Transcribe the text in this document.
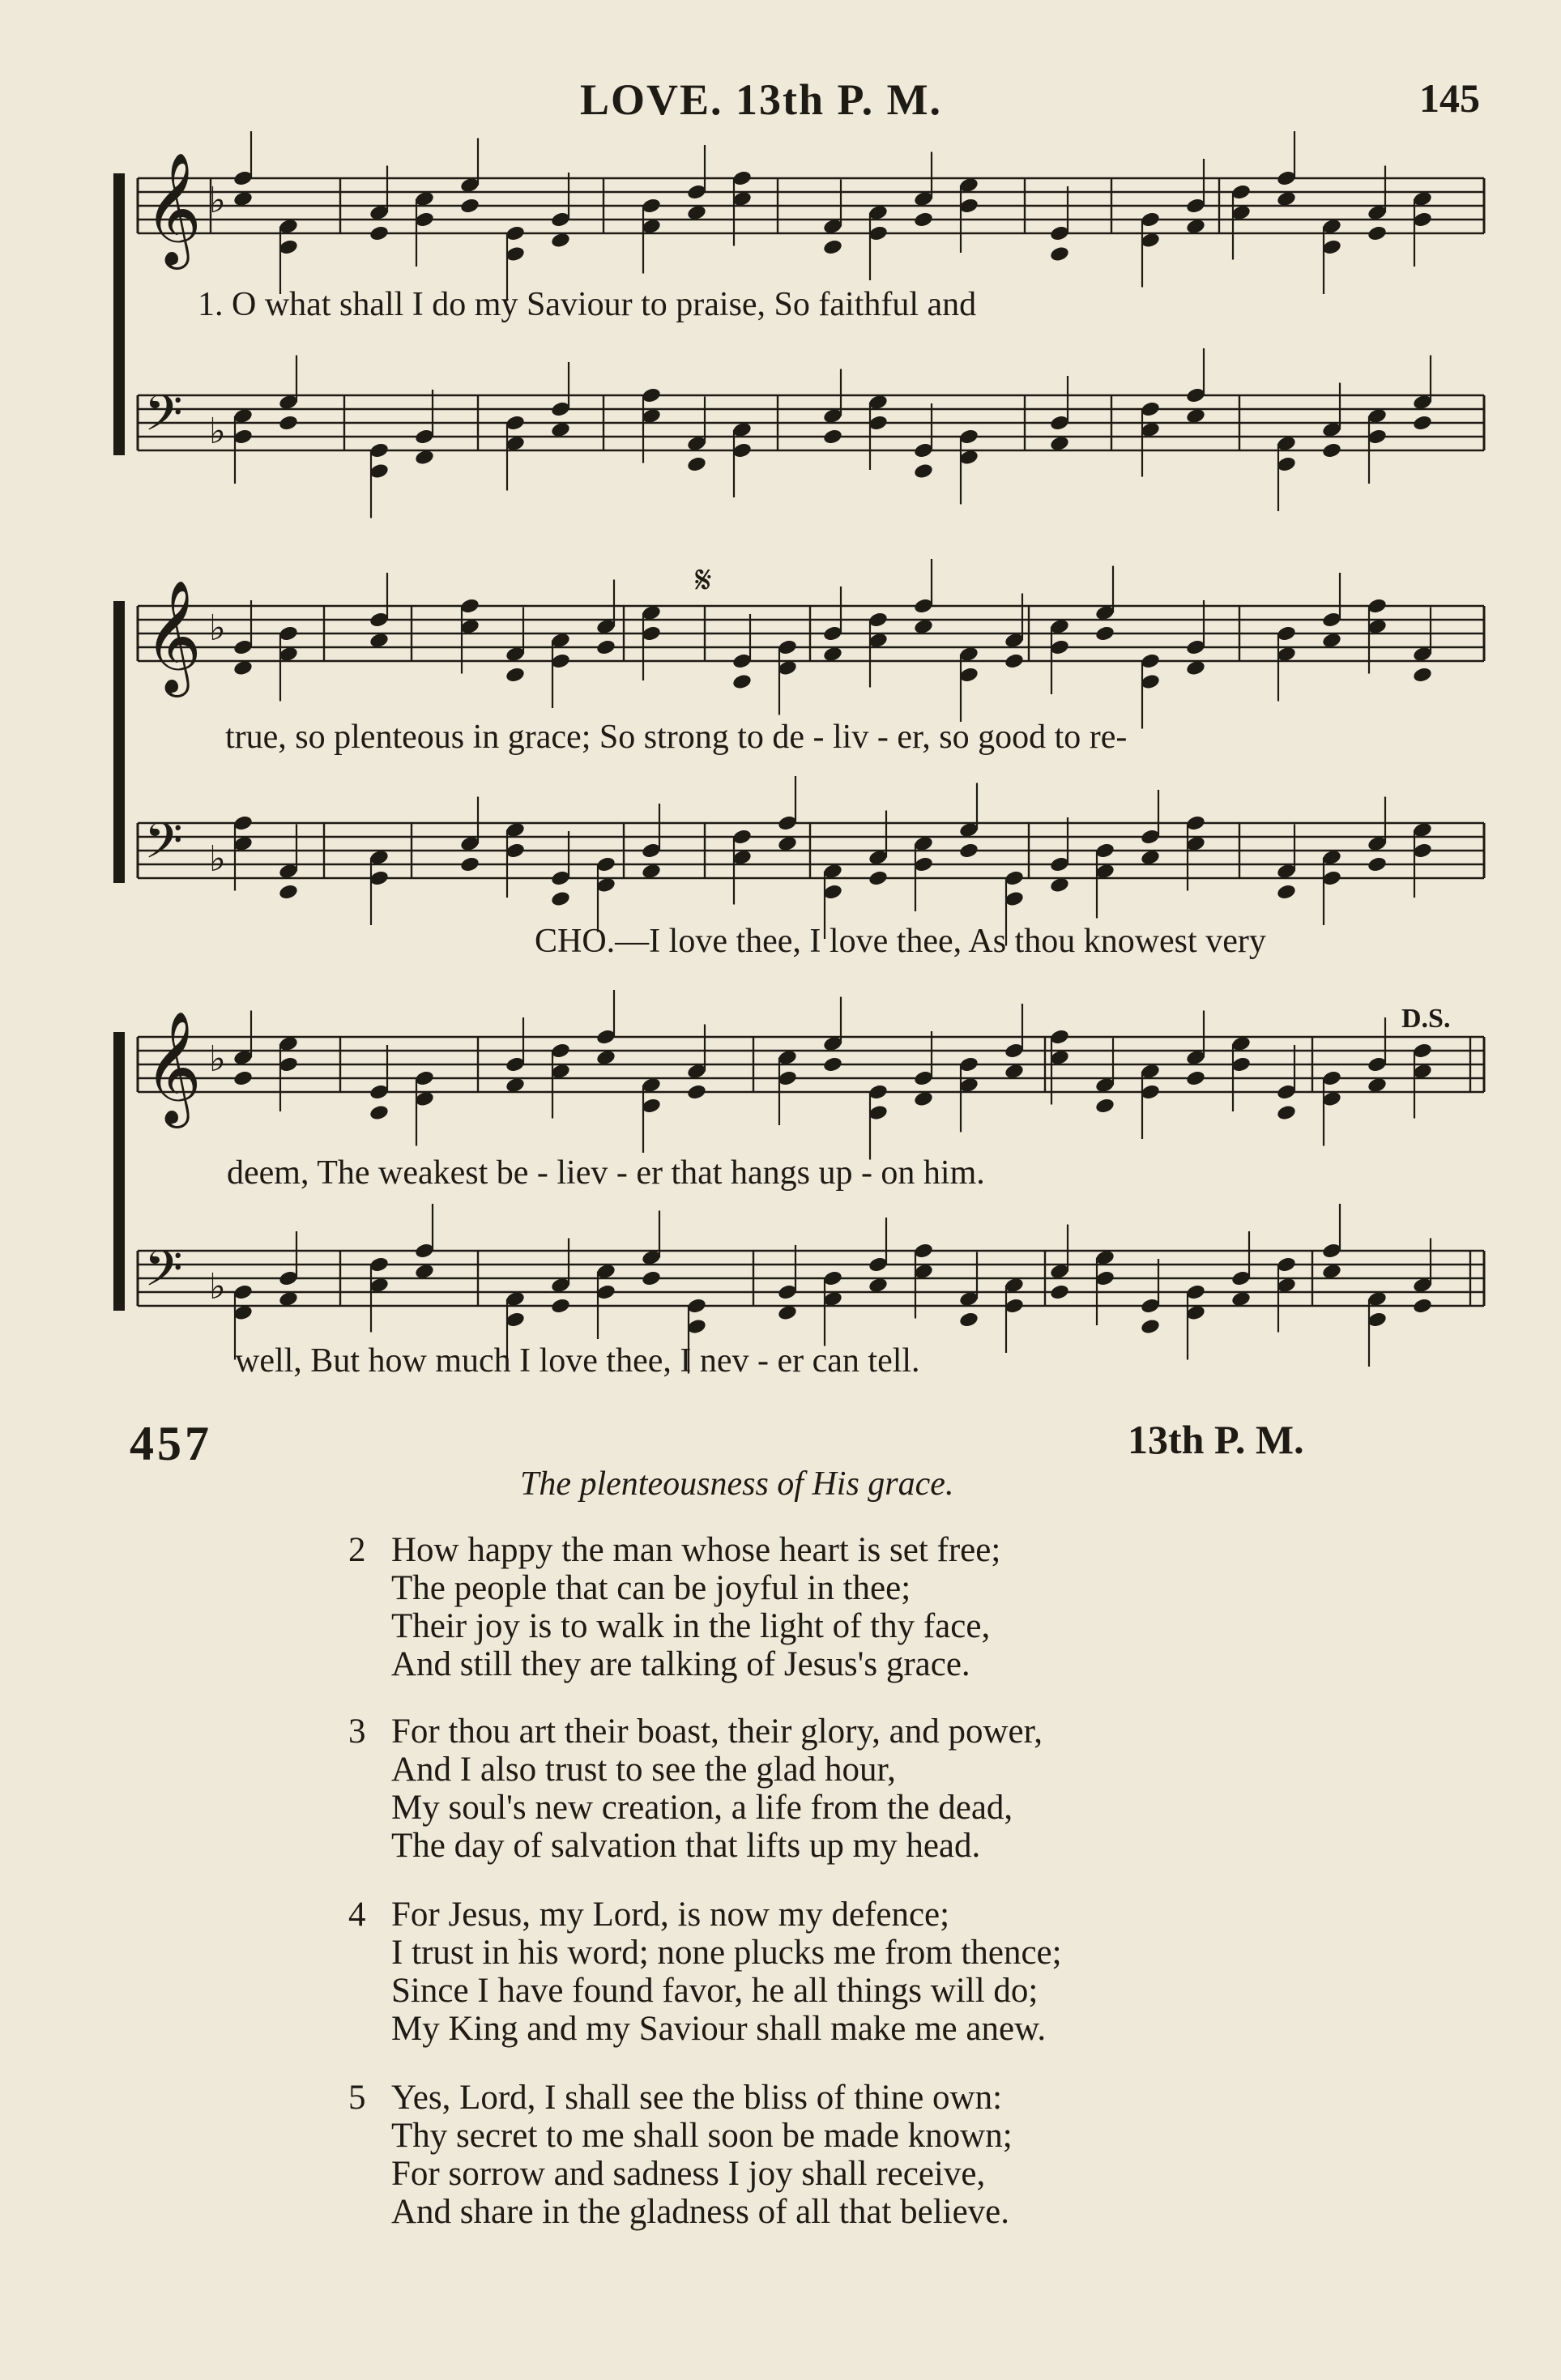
LOVE. 13th P. M.	145
𝄞 ♭
𝄢 ♭
𝄞 ♭
𝄢 ♭
𝄞 ♭
𝄢 ♭
𝄋
D.S.
1. O what shall I do my Saviour to praise, So faithful and
true, so plenteous in grace; So strong to de - liv - er, so good to re-
CHO.—I love thee, I love thee, As thou knowest very
deem, The weakest be - liev - er that hangs up - on him.
well, But how much I love thee, I nev - er can tell.
457	13th P. M.
The plenteousness of His grace.
2 How happy the man whose heart is set free;
The people that can be joyful in thee;
Their joy is to walk in the light of thy face,
And still they are talking of Jesus's grace.
3 For thou art their boast, their glory, and power,
And I also trust to see the glad hour,
My soul's new creation, a life from the dead,
The day of salvation that lifts up my head.
4 For Jesus, my Lord, is now my defence;
I trust in his word; none plucks me from thence;
Since I have found favor, he all things will do;
My King and my Saviour shall make me anew.
5 Yes, Lord, I shall see the bliss of thine own:
Thy secret to me shall soon be made known;
For sorrow and sadness I joy shall receive,
And share in the gladness of all that believe.
